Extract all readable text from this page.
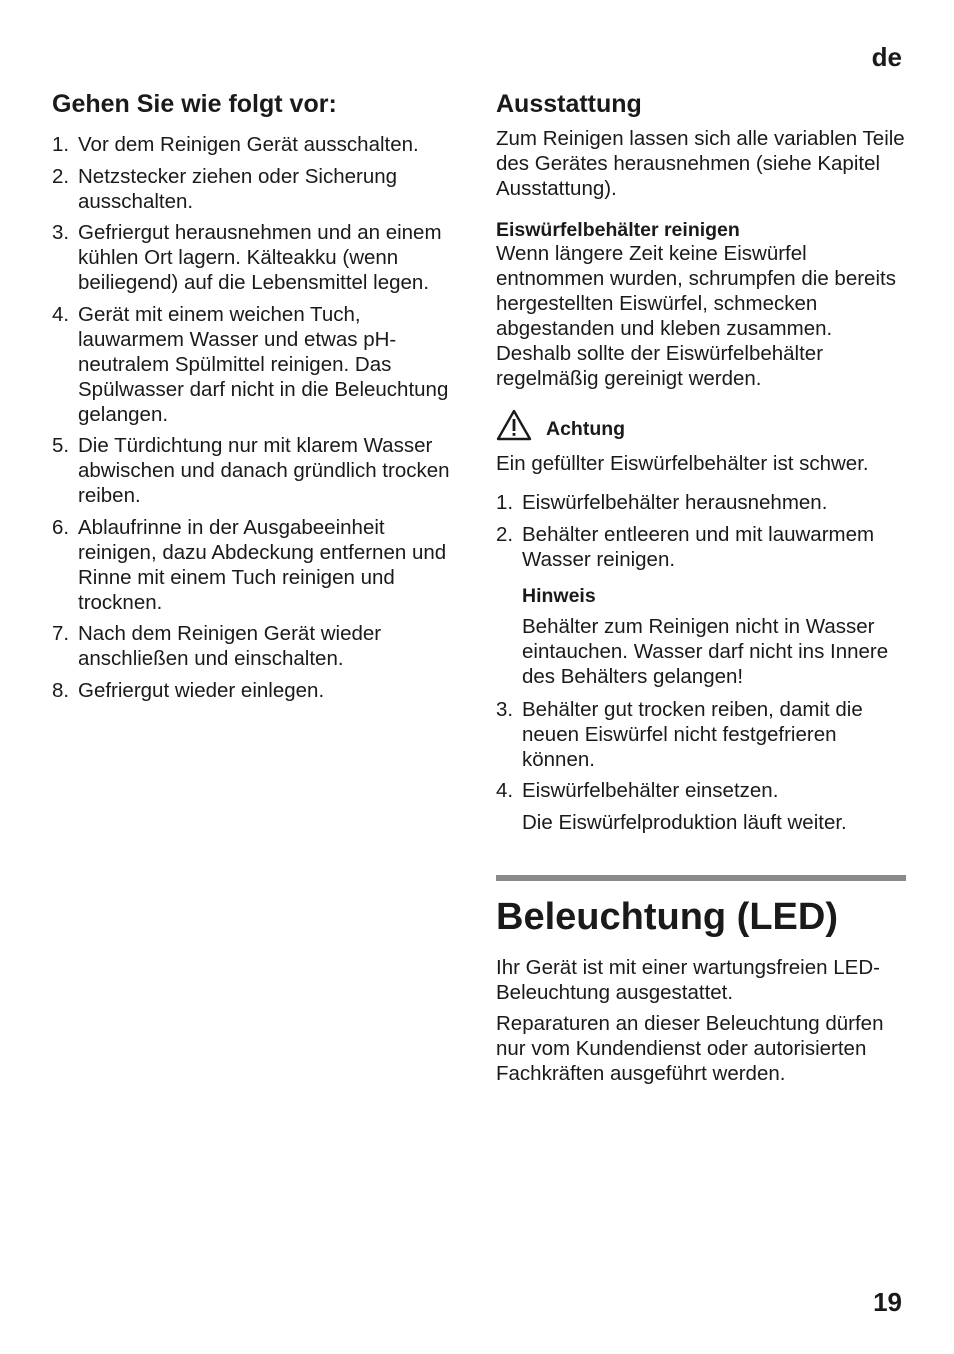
de
Gehen Sie wie folgt vor:
1. Vor dem Reinigen Gerät ausschalten.
2. Netzstecker ziehen oder Sicherung ausschalten.
3. Gefriergut herausnehmen und an einem kühlen Ort lagern. Kälteakku (wenn beiliegend) auf die Lebensmittel legen.
4. Gerät mit einem weichen Tuch, lauwarmem Wasser und etwas pH-neutralem Spülmittel reinigen. Das Spülwasser darf nicht in die Beleuchtung gelangen.
5. Die Türdichtung nur mit klarem Wasser abwischen und danach gründlich trocken reiben.
6. Ablaufrinne in der Ausgabeeinheit reinigen, dazu Abdeckung entfernen und Rinne mit einem Tuch reinigen und trocknen.
7. Nach dem Reinigen Gerät wieder anschließen und einschalten.
8. Gefriergut wieder einlegen.
Ausstattung

Zum Reinigen lassen sich alle variablen Teile des Gerätes herausnehmen (siehe Kapitel Ausstattung).

Eiswürfelbehälter reinigen

Wenn längere Zeit keine Eiswürfel entnommen wurden, schrumpfen die bereits hergestellten Eiswürfel, schmecken abgestanden und kleben zusammen. Deshalb sollte der Eiswürfelbehälter regelmäßig gereinigt werden.

Achtung

Ein gefüllter Eiswürfelbehälter ist schwer.

1. Eiswürfelbehälter herausnehmen.
2. Behälter entleeren und mit lauwarmem Wasser reinigen.
Hinweis

Behälter zum Reinigen nicht in Wasser eintauchen. Wasser darf nicht ins Innere des Behälters gelangen!

3. Behälter gut trocken reiben, damit die neuen Eiswürfel nicht festgefrieren können.
4. Eiswürfelbehälter einsetzen.

Die Eiswürfelproduktion läuft weiter.

Beleuchtung (LED)

Ihr Gerät ist mit einer wartungsfreien LED-Beleuchtung ausgestattet.

Reparaturen an dieser Beleuchtung dürfen nur vom Kundendienst oder autorisierten Fachkräften ausgeführt werden.

19
